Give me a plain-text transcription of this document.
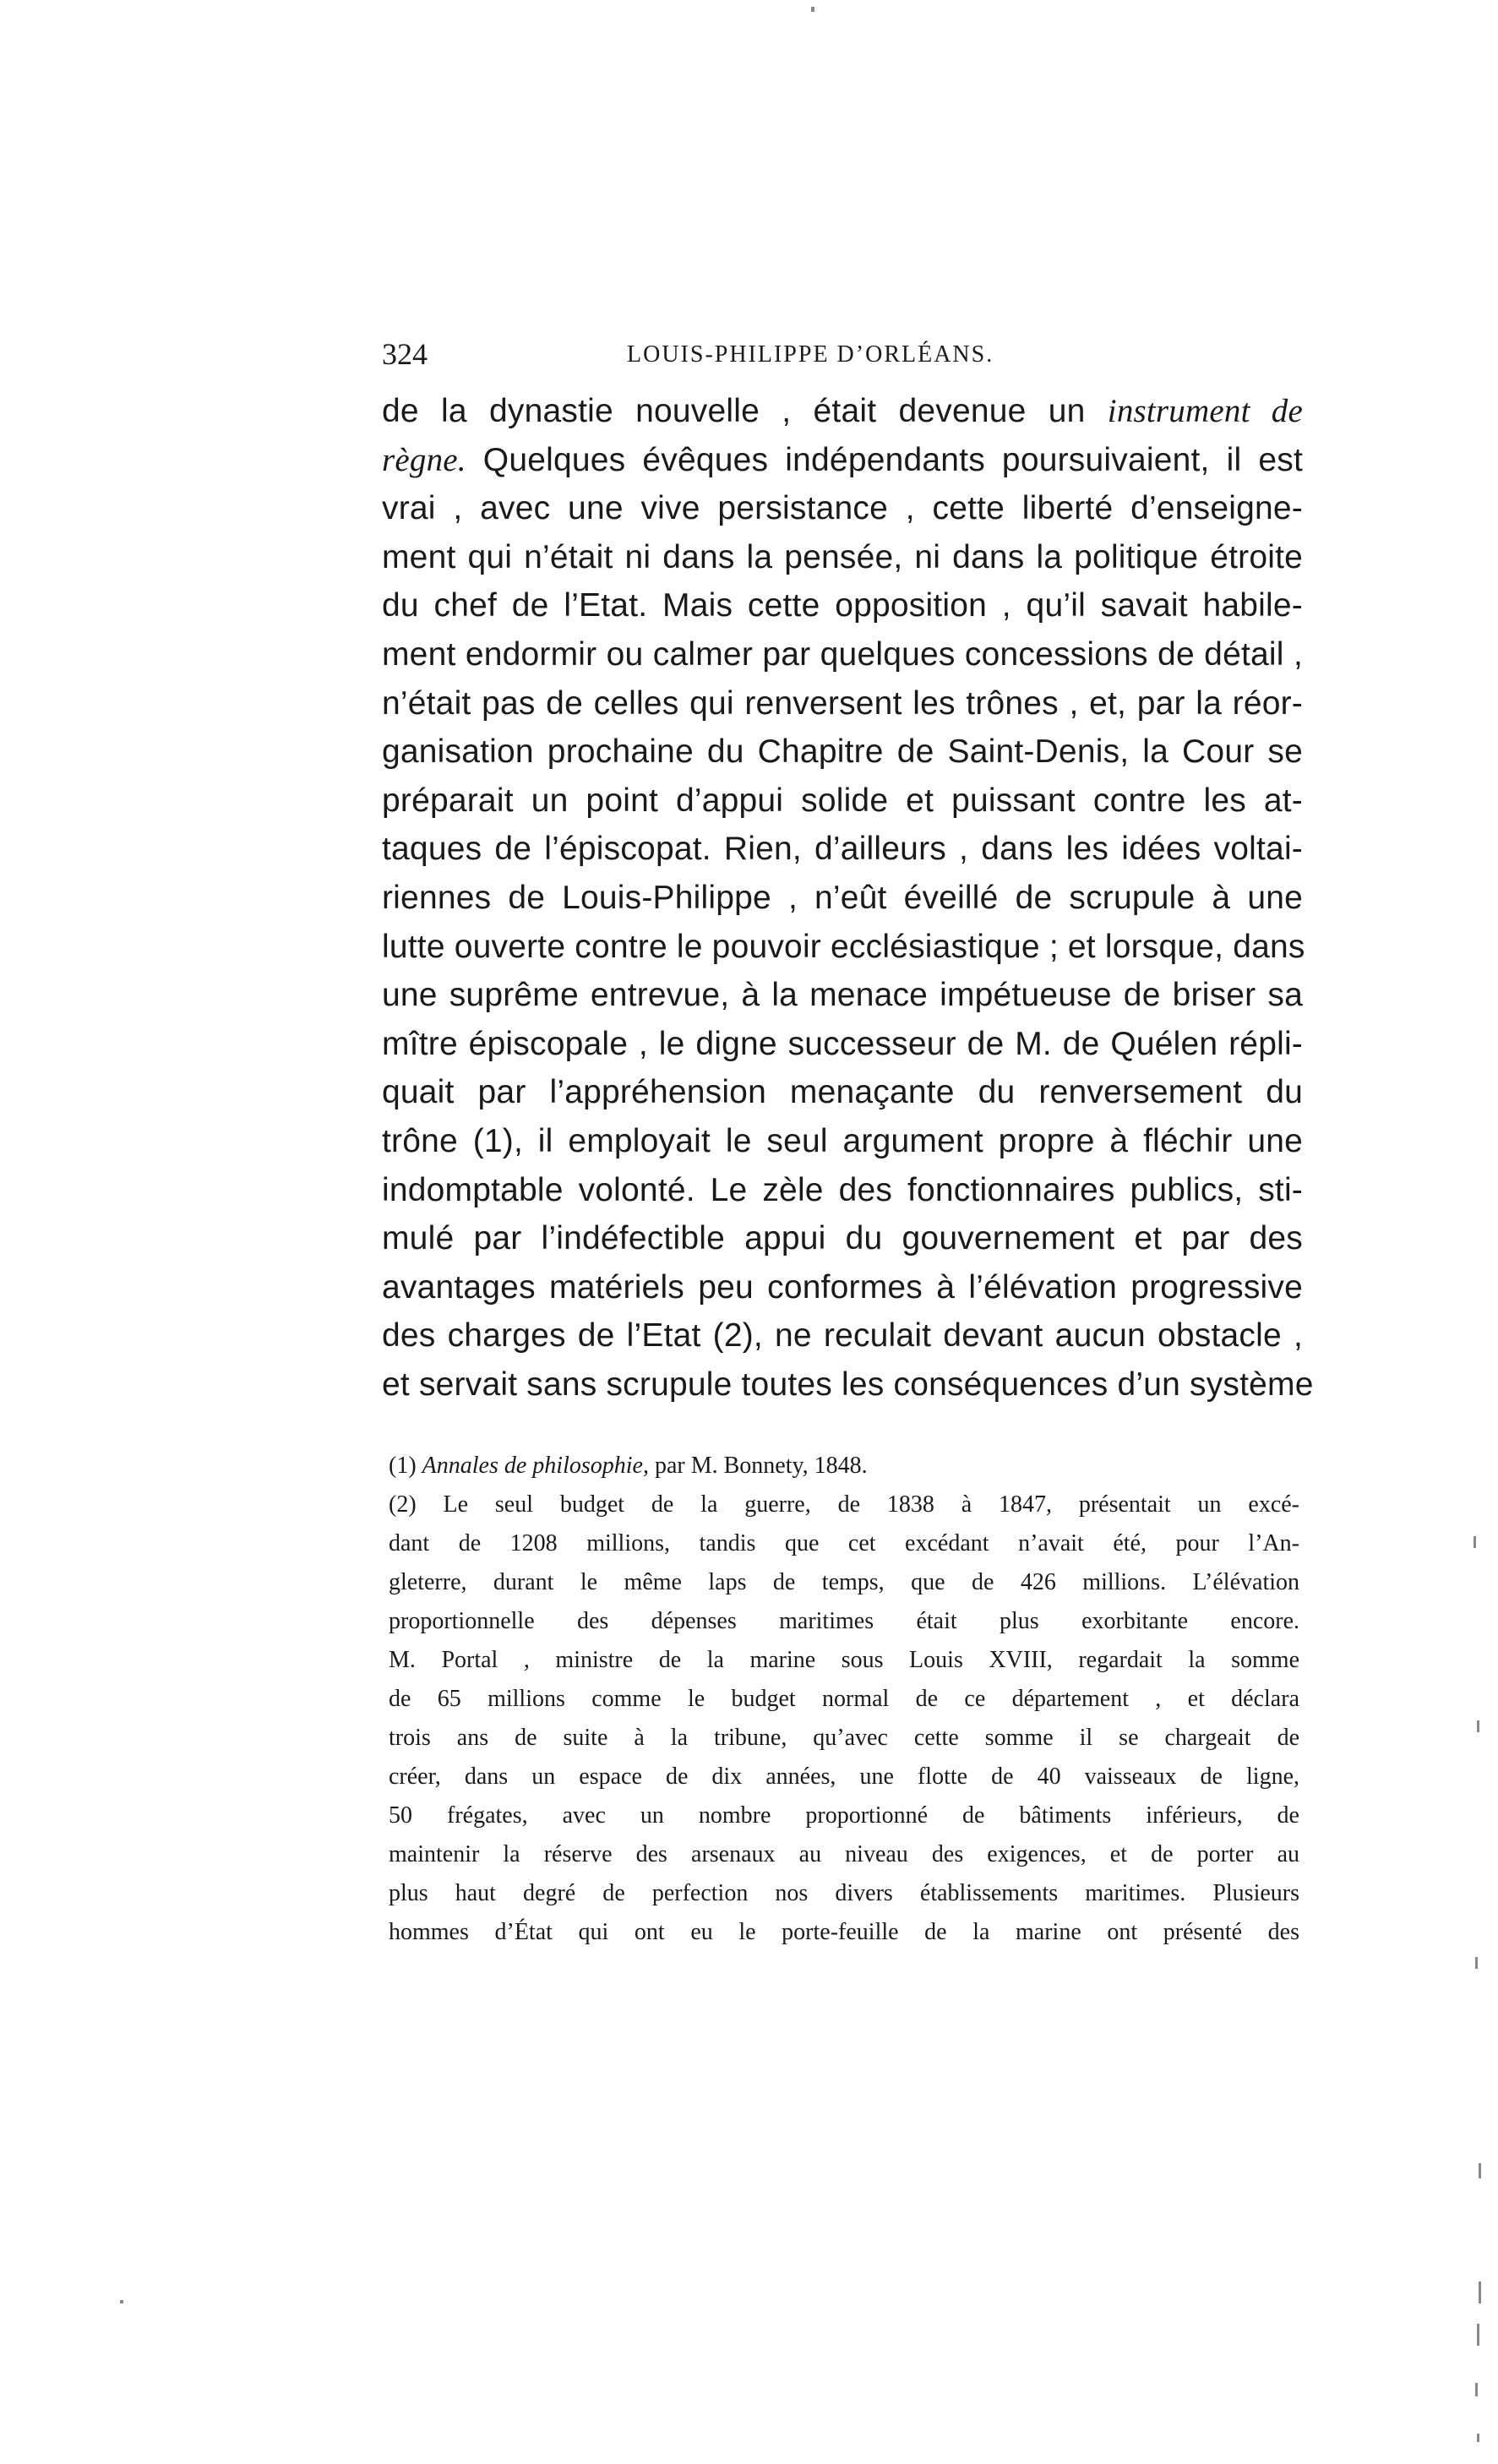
324	LOUIS-PHILIPPE D’ORLÉANS.
de la dynastie nouvelle , était devenue un instrument de
règne. Quelques évêques indépendants poursuivaient, il est
vrai , avec une vive persistance , cette liberté d’enseigne-
ment qui n’était ni dans la pensée, ni dans la politique étroite
du chef de l’Etat. Mais cette opposition , qu’il savait habile-
ment endormir ou calmer par quelques concessions de détail ,
n’était pas de celles qui renversent les trônes , et, par la réor-
ganisation prochaine du Chapitre de Saint-Denis, la Cour se
préparait un point d’appui solide et puissant contre les at-
taques de l’épiscopat. Rien, d’ailleurs , dans les idées voltai-
riennes de Louis-Philippe , n’eût éveillé de scrupule à une
lutte ouverte contre le pouvoir ecclésiastique ; et lorsque, dans
une suprême entrevue, à la menace impétueuse de briser sa
mître épiscopale , le digne successeur de M. de Quélen répli-
quait par l’appréhension menaçante du renversement du
trône (1), il employait le seul argument propre à fléchir une
indomptable volonté. Le zèle des fonctionnaires publics, sti-
mulé par l’indéfectible appui du gouvernement et par des
avantages matériels peu conformes à l’élévation progressive
des charges de l’Etat (2), ne reculait devant aucun obstacle ,
et servait sans scrupule toutes les conséquences d’un système
(1) Annales de philosophie, par M. Bonnety, 1848.
(2) Le seul budget de la guerre, de 1838 à 1847, présentait un excé-
dant de 1208 millions, tandis que cet excédant n’avait été, pour l’An-
gleterre, durant le même laps de temps, que de 426 millions. L’élévation
proportionnelle des dépenses maritimes était plus exorbitante encore.
M. Portal , ministre de la marine sous Louis XVIII, regardait la somme
de 65 millions comme le budget normal de ce département , et déclara
trois ans de suite à la tribune, qu’avec cette somme il se chargeait de
créer, dans un espace de dix années, une flotte de 40 vaisseaux de ligne,
50 frégates, avec un nombre proportionné de bâtiments inférieurs, de
maintenir la réserve des arsenaux au niveau des exigences, et de porter au
plus haut degré de perfection nos divers établissements maritimes. Plusieurs
hommes d’État qui ont eu le porte-feuille de la marine ont présenté des
